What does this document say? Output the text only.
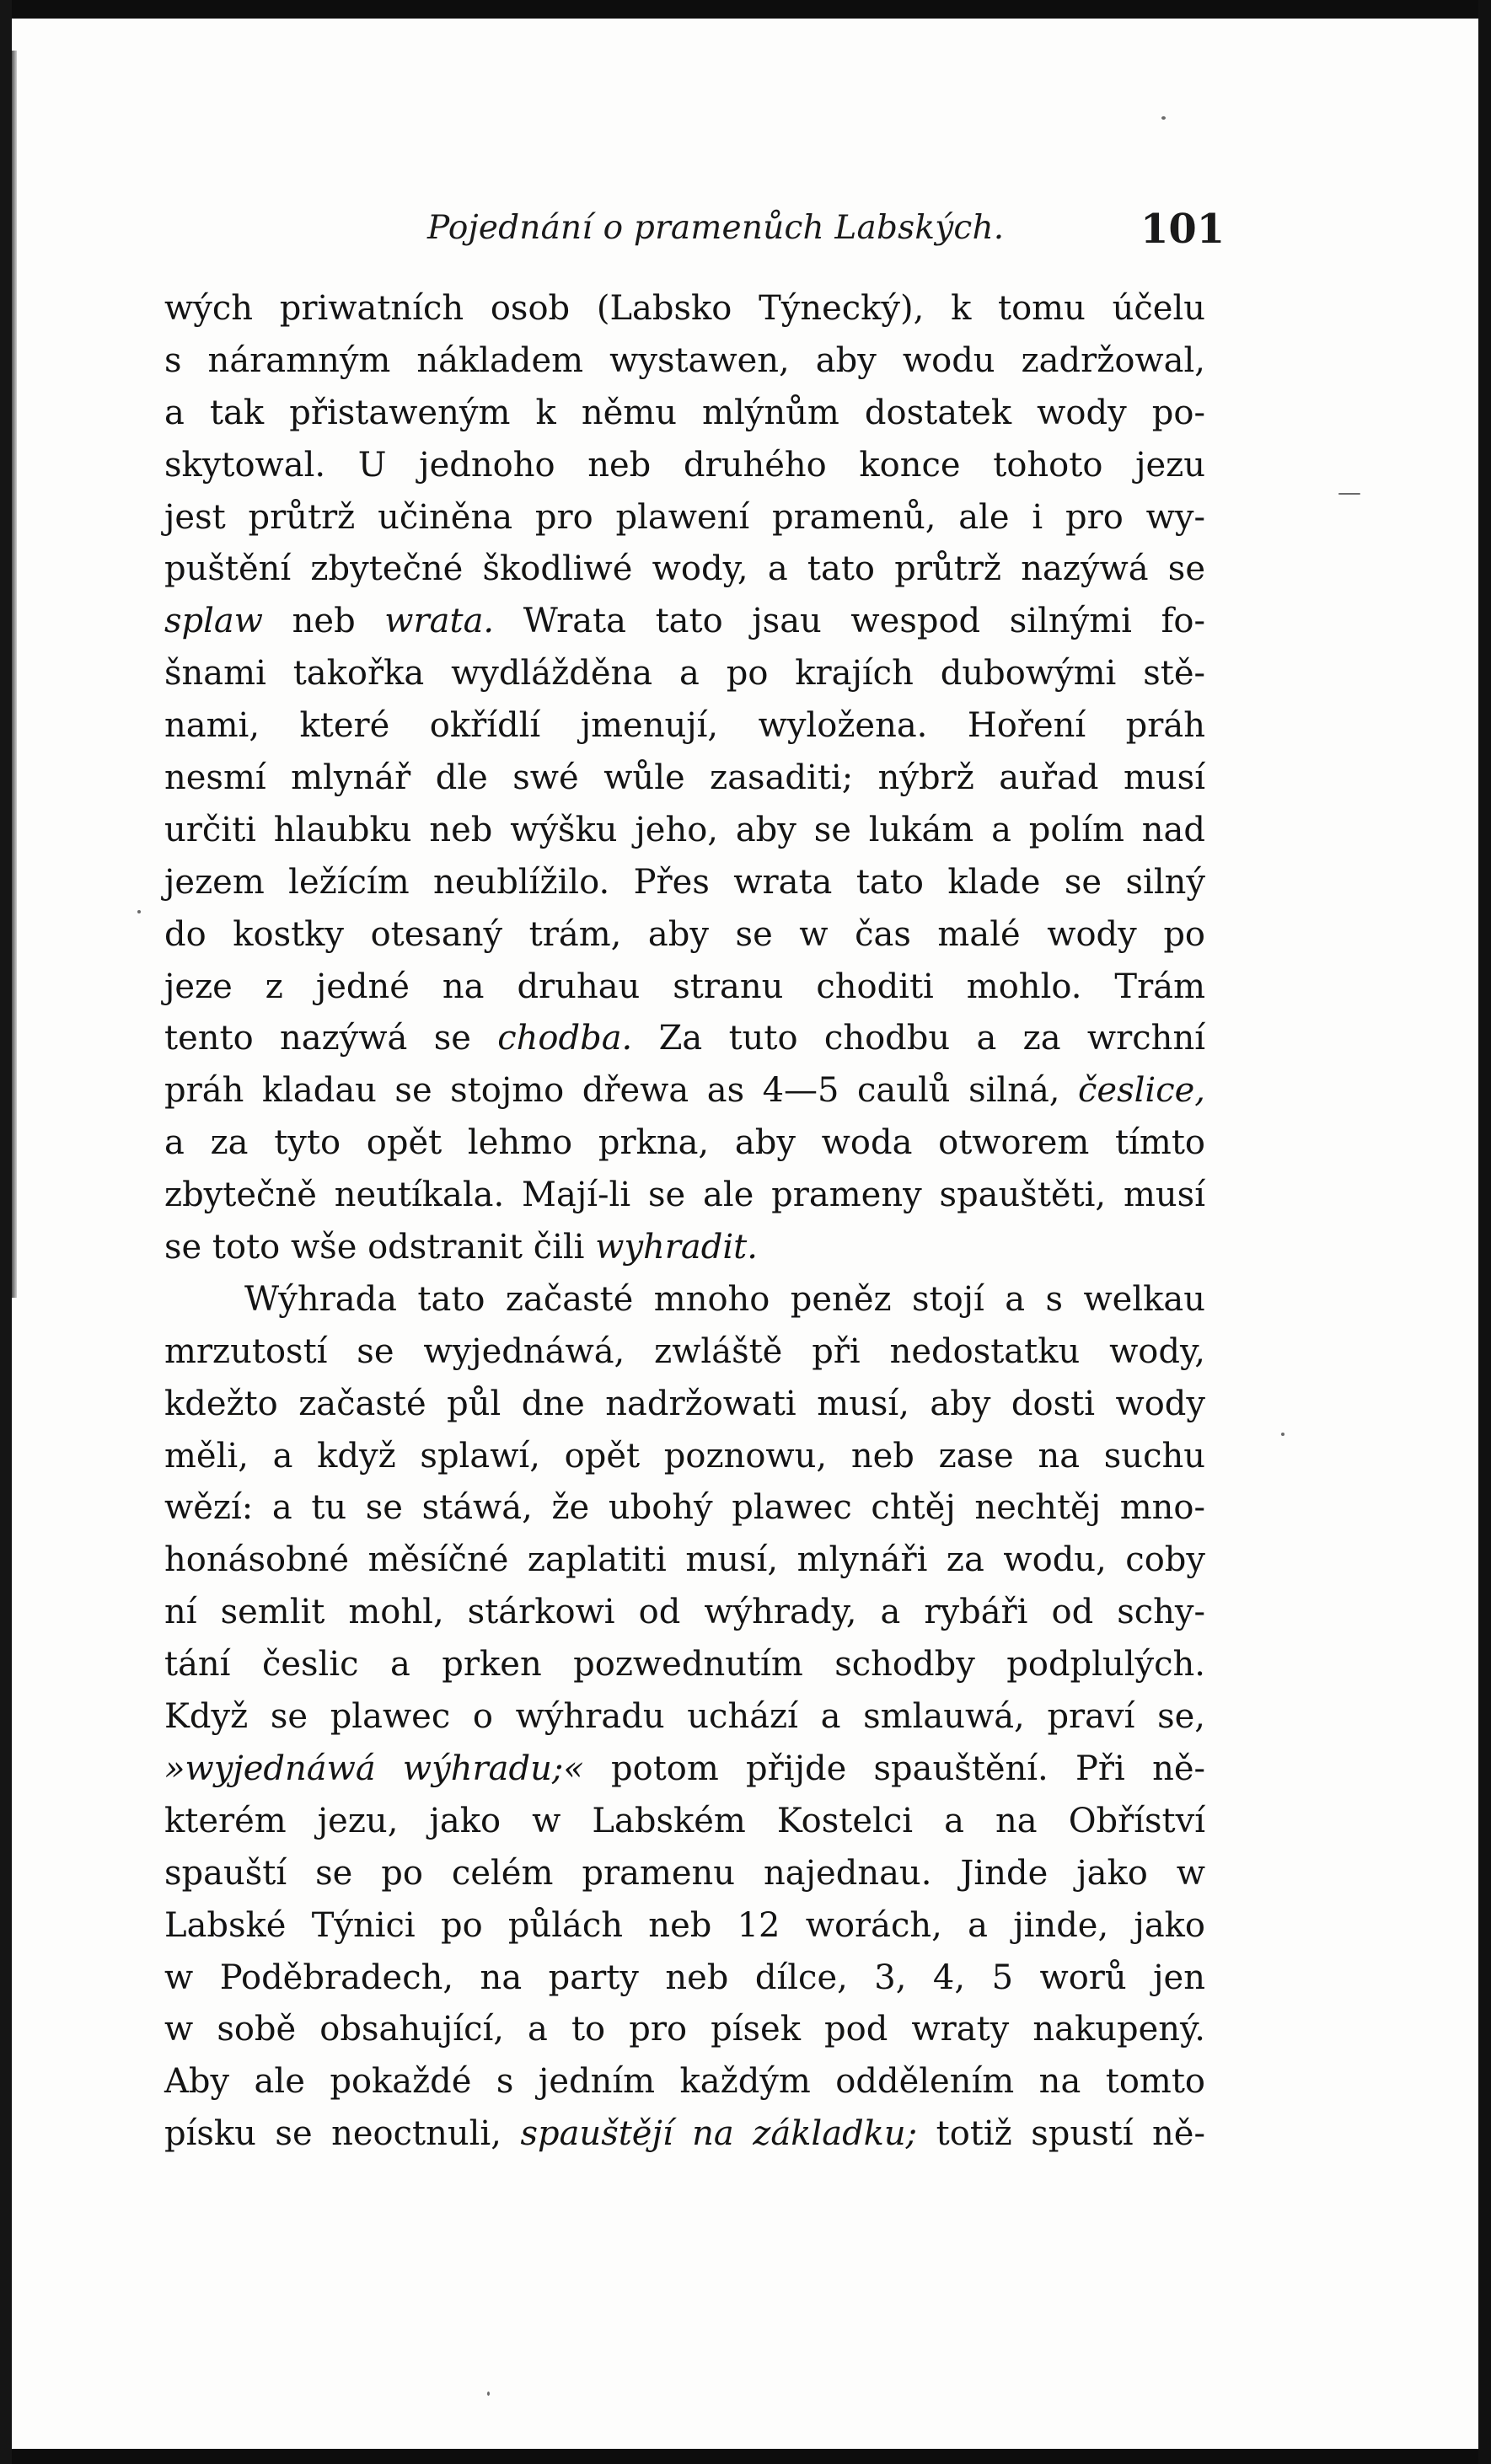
Pojednání o pramenůch Labských.	101
wých priwatních osob (Labsko Týnecký), k tomu účelu
s náramným nákladem wystawen, aby wodu zadržowal,
a tak přistaweným k němu mlýnům dostatek wody po-
skytowal. U jednoho neb druhého konce tohoto jezu
jest průtrž učiněna pro plawení pramenů, ale i pro wy-
puštění zbytečné škodliwé wody, a tato průtrž nazýwá se
splaw neb wrata. Wrata tato jsau wespod silnými fo-
šnami takořka wydlážděna a po krajích dubowými stě-
nami, které okřídlí jmenují, wyložena. Hoření práh
nesmí mlynář dle swé wůle zasaditi; nýbrž auřad musí
určiti hlaubku neb wýšku jeho, aby se lukám a polím nad
jezem ležícím neublížilo. Přes wrata tato klade se silný
do kostky otesaný trám, aby se w čas malé wody po
jeze z jedné na druhau stranu choditi mohlo. Trám
tento nazýwá se chodba. Za tuto chodbu a za wrchní
práh kladau se stojmo dřewa as 4—5 caulů silná, česlice,
a za tyto opět lehmo prkna, aby woda otworem tímto
zbytečně neutíkala. Mají-li se ale prameny spauštěti, musí
se toto wše odstranit čili wyhradit.
Wýhrada tato začasté mnoho peněz stojí a s welkau
mrzutostí se wyjednáwá, zwláště při nedostatku wody,
kdežto začasté půl dne nadržowati musí, aby dosti wody
měli, a když splawí, opět poznowu, neb zase na suchu
wězí: a tu se stáwá, že ubohý plawec chtěj nechtěj mno-
honásobné měsíčné zaplatiti musí, mlynáři za wodu, coby
ní semlit mohl, stárkowi od wýhrady, a rybáři od schy-
tání česlic a prken pozwednutím schodby podplulých.
Když se plawec o wýhradu uchází a smlauwá, praví se,
»wyjednáwá wýhradu;« potom přijde spauštění. Při ně-
kterém jezu, jako w Labském Kostelci a na Obříství
spauští se po celém pramenu najednau. Jinde jako w
Labské Týnici po půlách neb 12 worách, a jinde, jako
w Poděbradech, na party neb dílce, 3, 4, 5 worů jen
w sobě obsahující, a to pro písek pod wraty nakupený.
Aby ale pokaždé s jedním každým oddělením na tomto
písku se neoctnuli, spauštějí na základku; totiž spustí ně-
